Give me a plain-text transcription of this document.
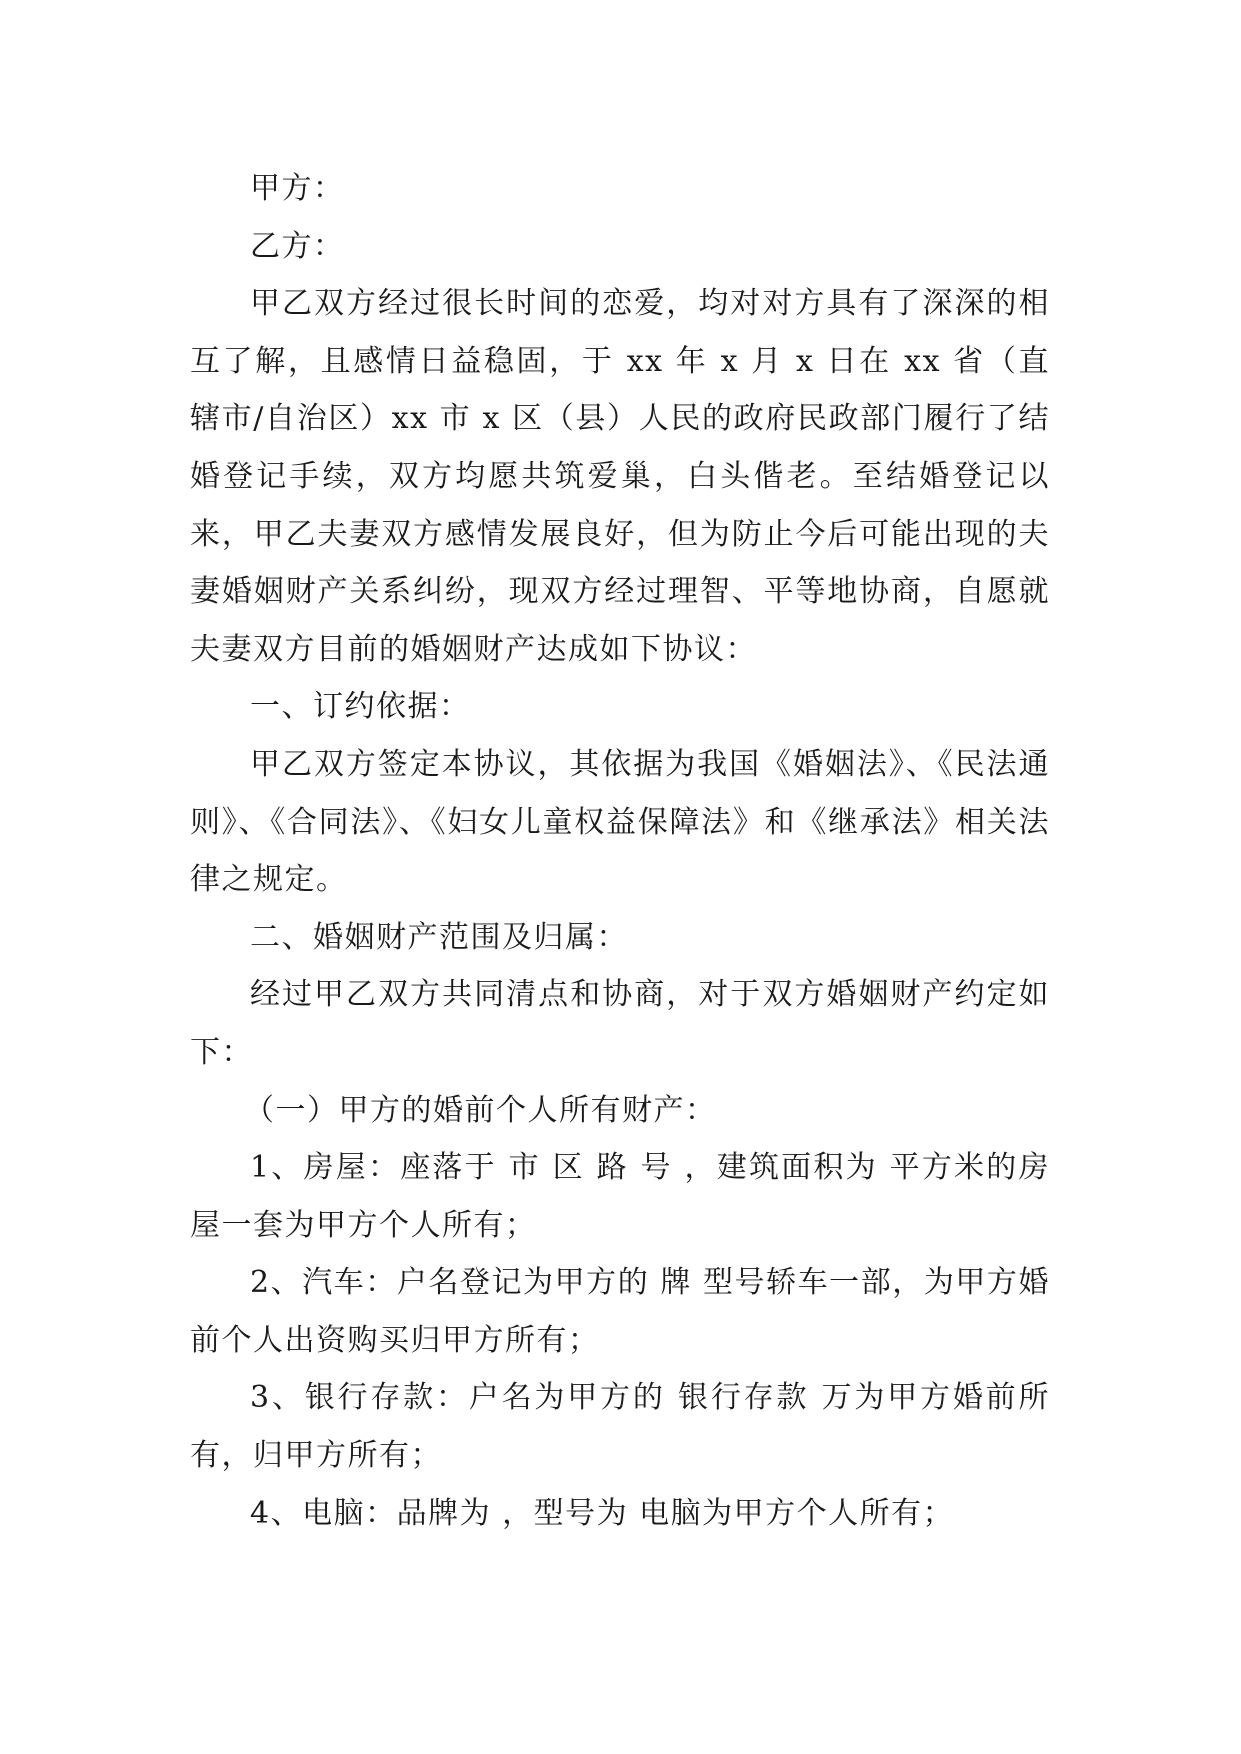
甲方：

乙方：

甲乙双方经过很长时间的恋爱，均对对方具有了深深的相互了解，且感情日益稳固，于 xx 年 x 月 x 日在 xx 省（直辖市/自治区）xx 市 x 区（县）人民的政府民政部门履行了结婚登记手续，双方均愿共筑爱巢，白头偕老。至结婚登记以来，甲乙夫妻双方感情发展良好，但为防止今后可能出现的夫妻婚姻财产关系纠纷，现双方经过理智、平等地协商，自愿就夫妻双方目前的婚姻财产达成如下协议：

一、订约依据：

甲乙双方签定本协议，其依据为我国《婚姻法》、《民法通则》、《合同法》、《妇女儿童权益保障法》和《继承法》相关法律之规定。

二、婚姻财产范围及归属：

经过甲乙双方共同清点和协商，对于双方婚姻财产约定如下：

（一）甲方的婚前个人所有财产：

1、房屋：座落于 市 区 路 号 ，建筑面积为 平方米的房屋一套为甲方个人所有；

2、汽车：户名登记为甲方的 牌 型号轿车一部，为甲方婚前个人出资购买归甲方所有；

3、银行存款：户名为甲方的 银行存款 万为甲方婚前所有，归甲方所有；

4、电脑：品牌为 ，型号为 电脑为甲方个人所有；
